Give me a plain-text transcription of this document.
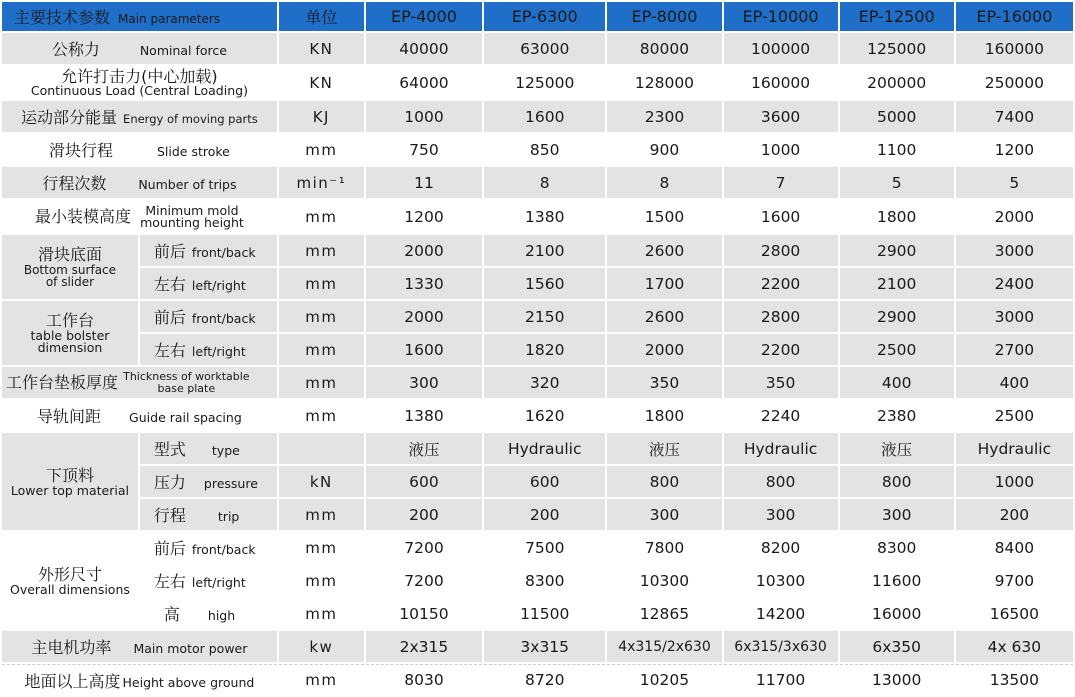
主要技术参数 Main parameters		单位	EP-4000	EP-6300	EP-8000	EP-10000	EP-12500	EP-16000
公称力 Nominal force		KN	40000	63000	80000	100000	125000	160000

允许打击力(中心加载)
Continuous Load (Central Loading)		KN	64000	125000	128000	160000	200000	250000
运动部分能量 Energy of moving parts		KJ	1000	1600	2300	3600	5000	7400
滑块行程 Slide stroke		mm	750	850	900	1000	1100	1200
行程次数 Number of trips		min⁻¹	11	8	8	7	5	5
最小装模高度 Minimum mold
mounting height		mm	1200	1380	1500	1600	1800	2000

滑块底面
Bottom surface
of slider	前后 front/back	mm	2000	2100	2600	2800	2900	3000
	左右 left/right	mm	1330	1560	1700	2200	2100	2400

工作台
table bolster
dimension	前后 front/back	mm	2000	2150	2600	2800	2900	3000
	左右 left/right	mm	1600	1820	2000	2200	2500	2700
工作台垫板厚度 Thickness of worktable
base plate		mm	300	320	350	350	400	400
导轨间距 Guide rail spacing		mm	1380	1620	1800	2240	2380	2500

下顶料
Lower top material	型式 type		液压	Hydraulic	液压	Hydraulic	液压	Hydraulic
	压力 pressure	kN	600	600	800	800	800	1000
	行程 trip	mm	200	200	300	300	300	200

外形尺寸
Overall dimensions	前后 front/back	mm	7200	7500	7800	8200	8300	8400
	左右 left/right	mm	7200	8300	10300	10300	11600	9700
	高 high	mm	10150	11500	12865	14200	16000	16500
主电机功率 Main motor power		kw	2x315	3x315	4x315/2x630	6x315/3x630	6x350	4x 630
地面以上高度 Height above ground		mm	8030	8720	10205	11700	13000	13500
